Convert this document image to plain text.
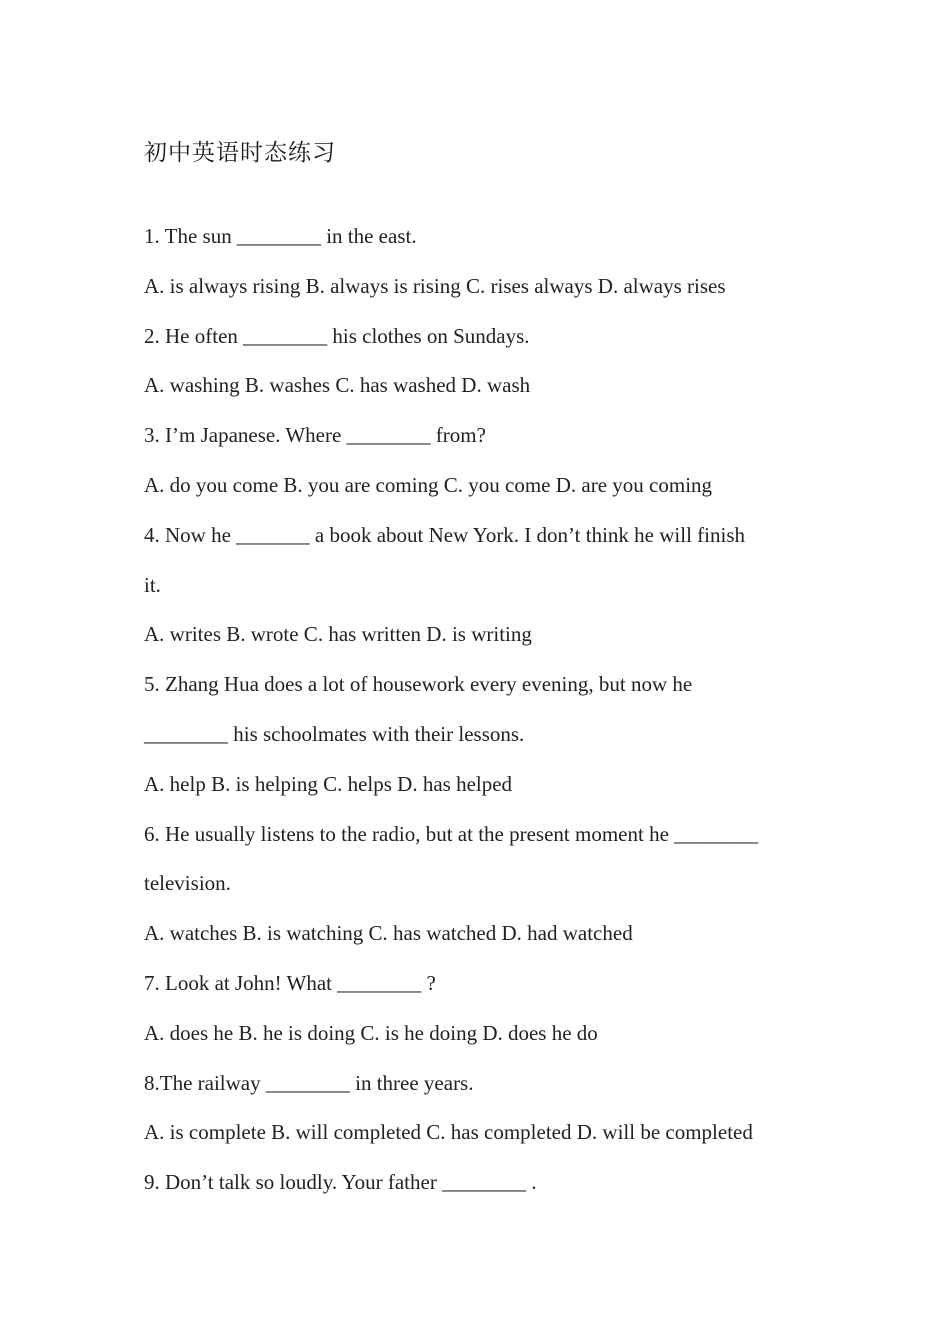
初中英语时态练习
1. The sun ________ in the east.
A. is always rising B. always is rising C. rises always D. always rises
2. He often ________ his clothes on Sundays.
A. washing B. washes C. has washed D. wash
3. I’m Japanese. Where ________ from?
A. do you come B. you are coming C. you come D. are you coming
4. Now he _______ a book about New York. I don’t think he will finish
it.
A. writes B. wrote C. has written D. is writing
5. Zhang Hua does a lot of housework every evening, but now he
________ his schoolmates with their lessons.
A. help B. is helping C. helps D. has helped
6. He usually listens to the radio, but at the present moment he ________
television.
A. watches B. is watching C. has watched D. had watched
7. Look at John! What ________ ?
A. does he B. he is doing C. is he doing D. does he do
8.The railway ________ in three years.
A. is complete B. will completed C. has completed D. will be completed
9. Don’t talk so loudly. Your father ________ .
